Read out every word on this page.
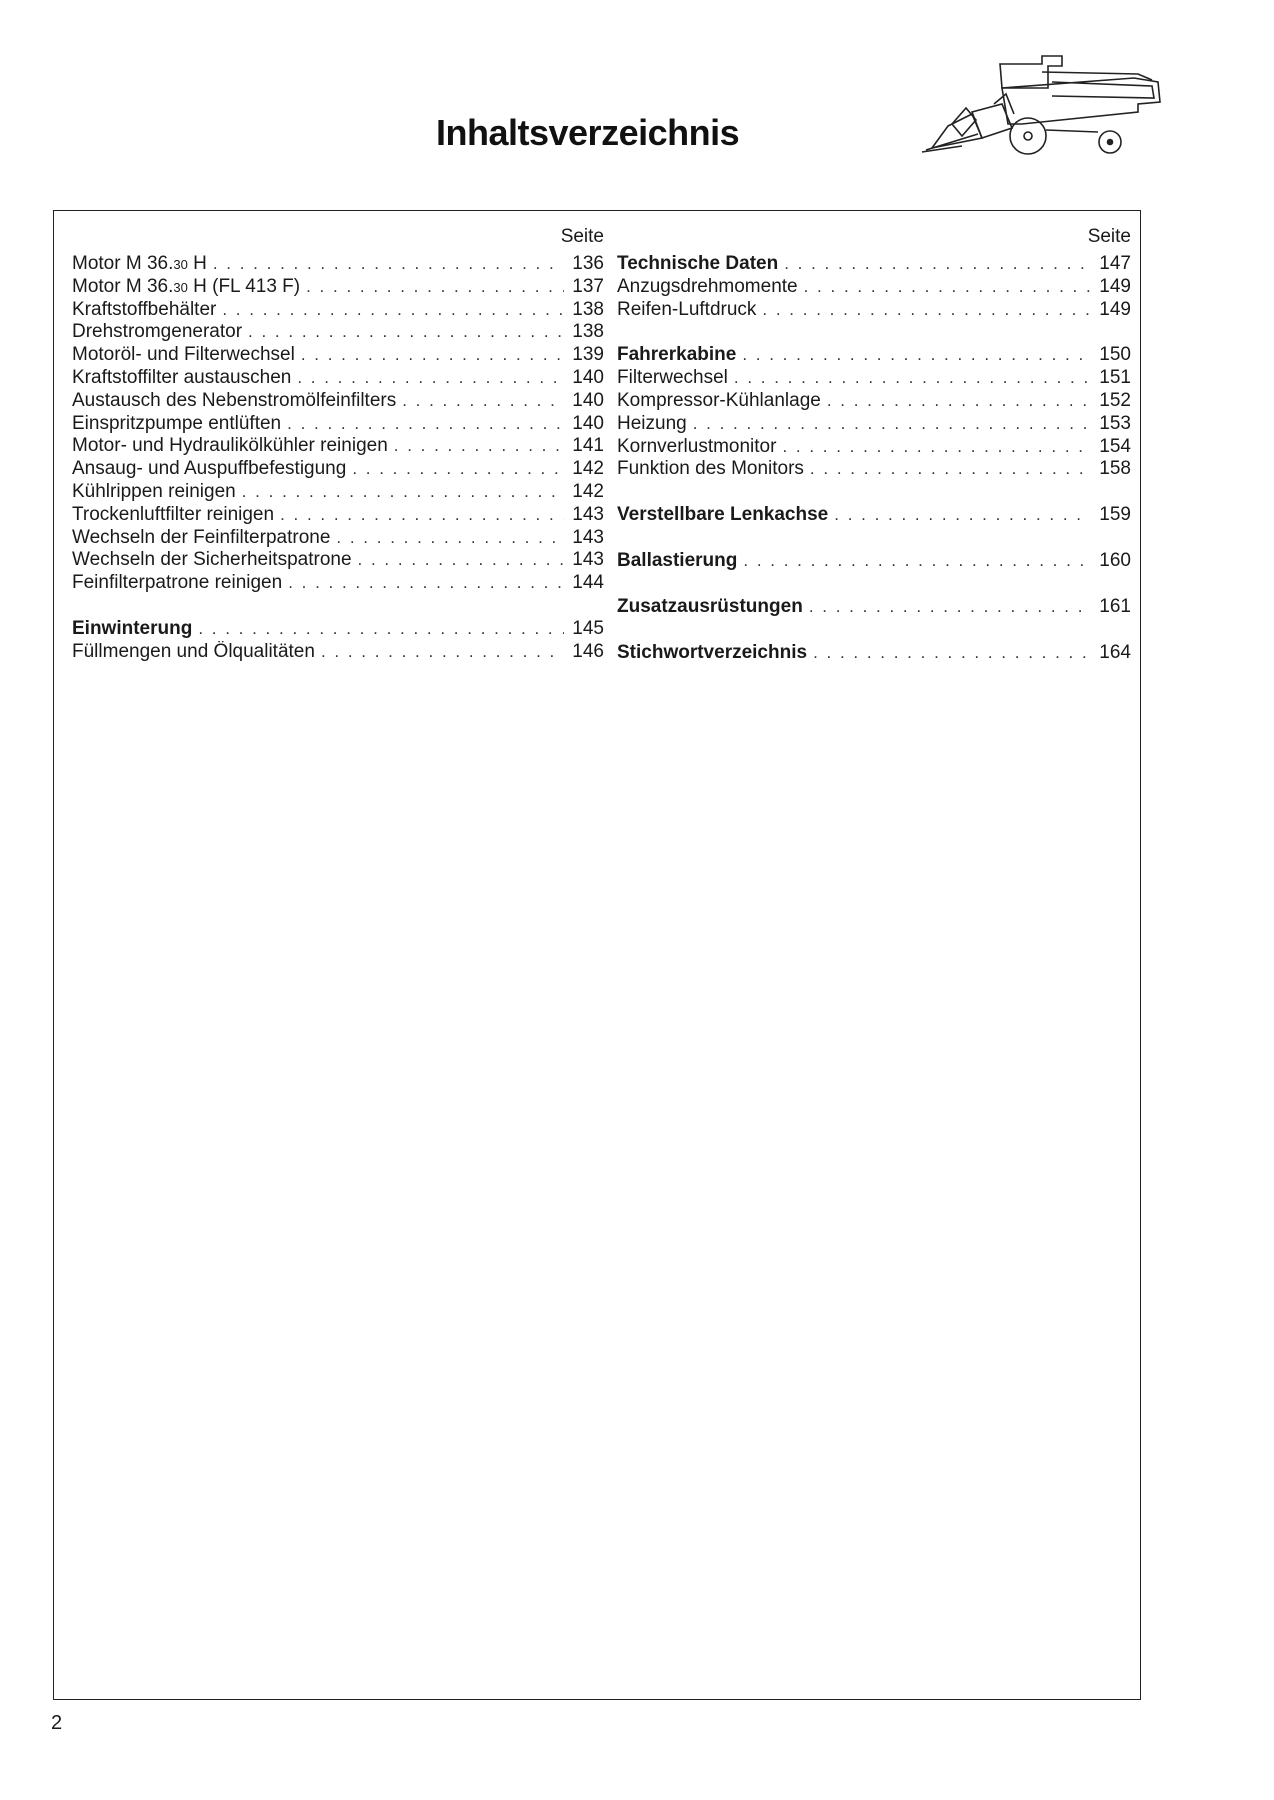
Inhaltsverzeichnis
Seite
Motor M 36.30 H . . .	136
Motor M 36.30 H (FL 413 F) . . .	137
Kraftstoffbehälter . . .	138
Drehstromgenerator . . .	138
Motoröl- und Filterwechsel . . .	139
Kraftstoffilter austauschen . . .	140
Austausch des Nebenstromölfeinfilters . . .	140
Einspritzpumpe entlüften . . .	140
Motor- und Hydraulikölkühler reinigen . . .	141
Ansaug- und Auspuffbefestigung . . .	142
Kühlrippen reinigen . . .	142
Trockenluftfilter reinigen . . .	143
Wechseln der Feinfilterpatrone . . .	143
Wechseln der Sicherheitspatrone . . .	143
Feinfilterpatrone reinigen . . .	144
Einwinterung . . .	145
Füllmengen und Ölqualitäten . . .	146
Seite
Technische Daten . . .	147
Anzugsdrehmomente . . .	149
Reifen-Luftdruck . . .	149
Fahrerkabine . . .	150
Filterwechsel . . .	151
Kompressor-Kühlanlage . . .	152
Heizung . . .	153
Kornverlustmonitor . . .	154
Funktion des Monitors . . .	158
Verstellbare Lenkachse . . .	159
Ballastierung . . .	160
Zusatzausrüstungen . . .	161
Stichwortverzeichnis . . .	164
2
